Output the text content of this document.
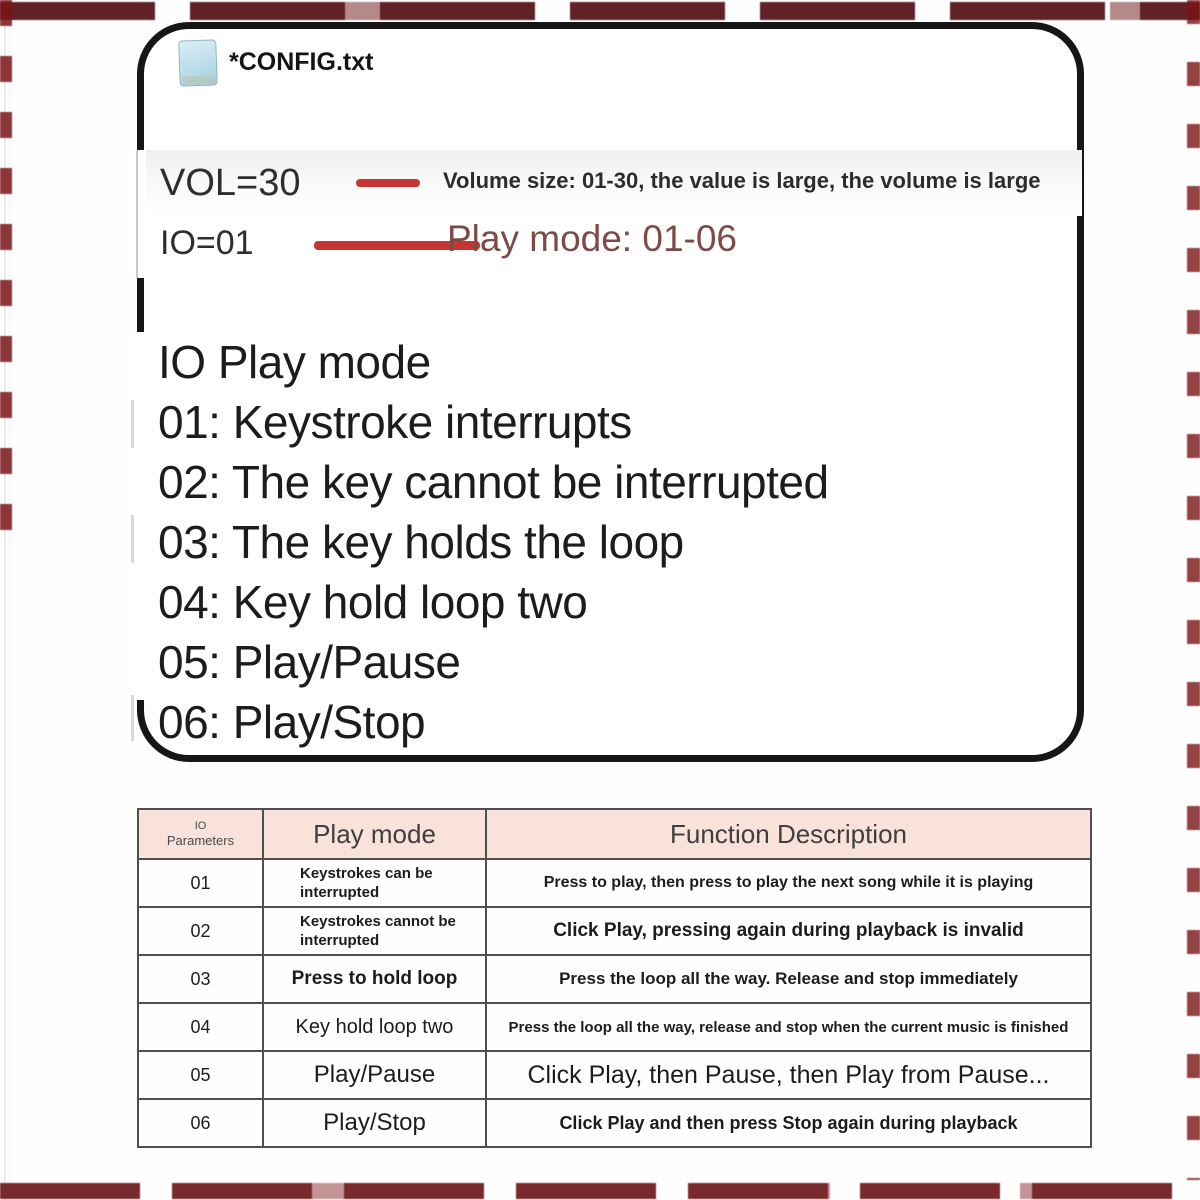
*CONFIG.txt
VOL=30	Volume size: 01-30, the value is large, the volume is large
IO=01	Play mode: 01-06
IO Play mode
01: Keystroke interrupts
02: The key cannot be interrupted
03: The key holds the loop
04: Key hold loop two
05: Play/Pause
06: Play/Stop
IO
Parameters	Play mode	Function Description
01	Keystrokes can be interrupted	Press to play, then press to play the next song while it is playing
02	Keystrokes cannot be interrupted	Click Play, pressing again during playback is invalid
03	Press to hold loop	Press the loop all the way. Release and stop immediately
04	Key hold loop two	Press the loop all the way, release and stop when the current music is finished
05	Play/Pause	Click Play, then Pause, then Play from Pause...
06	Play/Stop	Click Play and then press Stop again during playback
